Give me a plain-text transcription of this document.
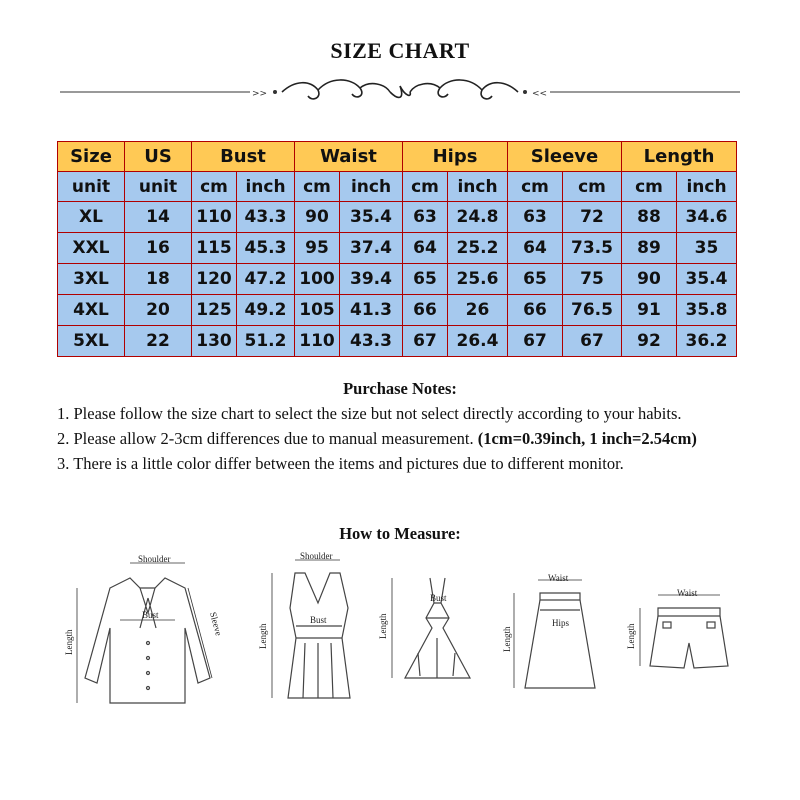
SIZE CHART
>>	<<
Size	US	Bust		Waist		Hips		Sleeve		Length	
unit	unit	cm	inch	cm	inch	cm	inch	cm	cm	cm	inch
XL	14	110	43.3	90	35.4	63	24.8	63	72	88	34.6
XXL	16	115	45.3	95	37.4	64	25.2	64	73.5	89	35
3XL	18	120	47.2	100	39.4	65	25.6	65	75	90	35.4
4XL	20	125	49.2	105	41.3	66	26	66	76.5	91	35.8
5XL	22	130	51.2	110	43.3	67	26.4	67	67	92	36.2
Purchase Notes:

1. Please follow the size chart to select the size but not select directly according to your habits.

2. Please allow 2-3cm differences due to manual measurement. (1cm=0.39inch, 1 inch=2.54cm)

3. There is a little color differ between the items and pictures due to different monitor.

How to Measure:
Shoulder
Bust
Length
Sleeve
Shoulder
Bust
Length
Bust
Length
Waist
Hips
Length
Waist
Length
